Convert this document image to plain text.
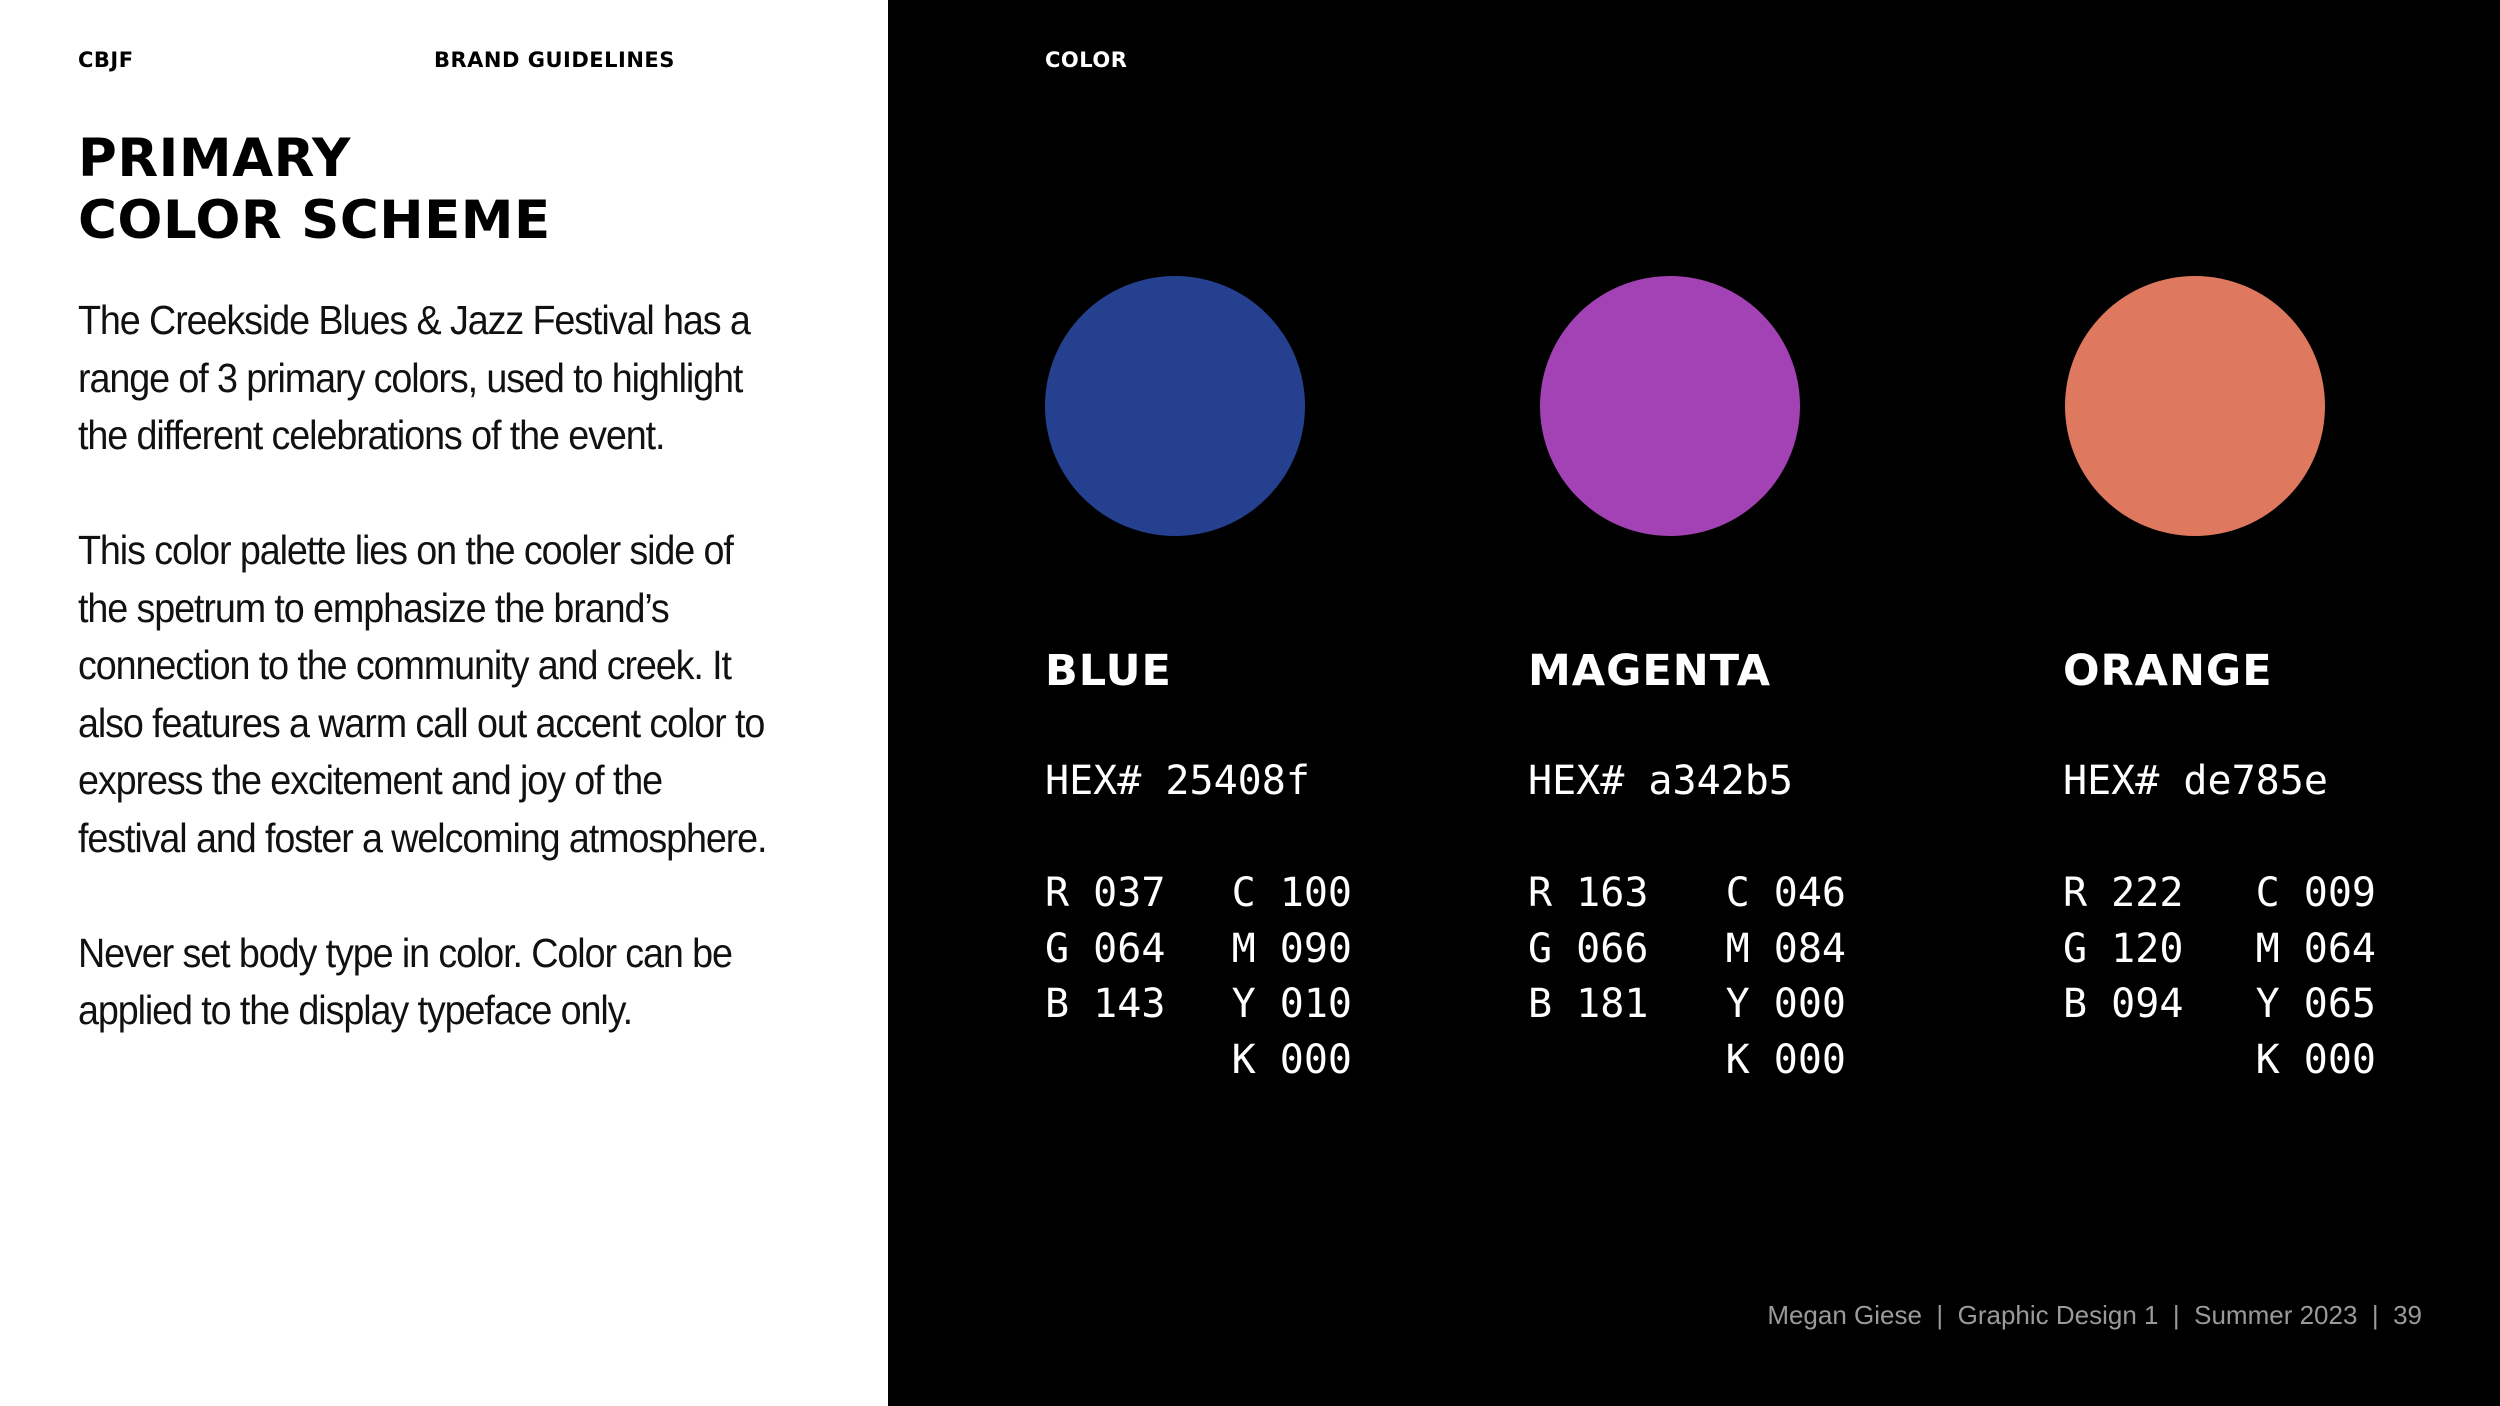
CBJF	BRAND GUIDELINES
PRIMARY
COLOR SCHEME

The Creekside Blues & Jazz Festival has a range of 3 primary colors, used to highlight the different celebrations of the event.

This color palette lies on the cooler side of the spetrum to emphasize the brand’s connection to the community and creek. It also features a warm call out accent color to express the excitement and joy of the festival and foster a welcoming atmosphere.

Never set body type in color. Color can be applied to the display typeface only.

COLOR
BLUE
HEX# 25408f
R 037
G 064
B 143
C 100
M 090
Y 010
K 000
MAGENTA
HEX# a342b5
R 163
G 066
B 181
C 046
M 084
Y 000
K 000
ORANGE
HEX# de785e
R 222
G 120
B 094
C 009
M 064
Y 065
K 000
Megan Giese  |  Graphic Design 1  |  Summer 2023  |  39
